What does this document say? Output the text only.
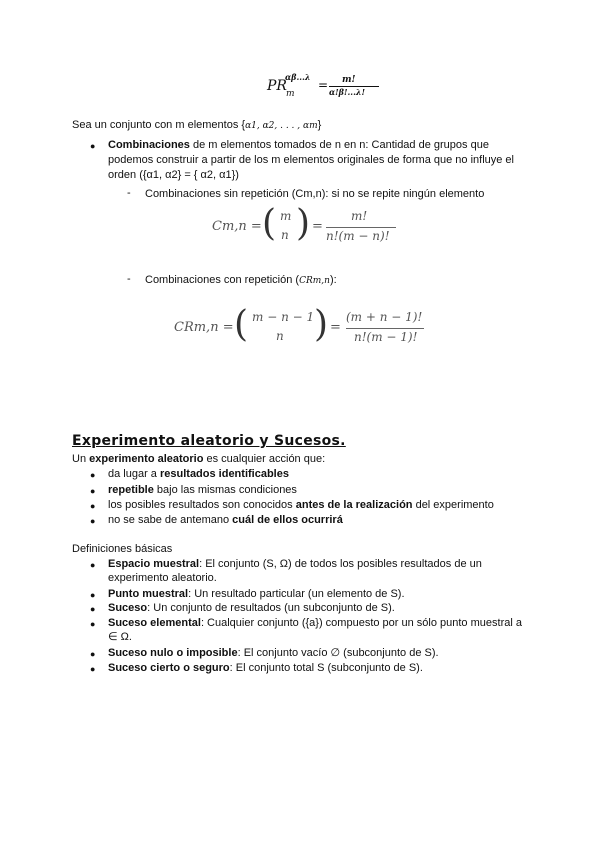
PR
αβ...λ
m
= m!
α!β!...λ!
Sea un conjunto con m elementos {α1, α2, . . . , αm}
● Combinaciones de m elementos tomados de n en n: Cantidad de grupos que
podemos construir a partir de los m elementos originales de forma que no influye el
orden ({α1, α2} = { α2, α1})
- Combinaciones sin repetición (Cm,n): si no se repite ningún elemento
Cm,n = ( m
n ) =
m!
n!(m − n)!
- Combinaciones con repetición (CRm,n):
CRm,n = ( m − n − 1
n ) =
(m + n − 1)!
n!(m − 1)!
Experimento aleatorio y Sucesos.
Un experimento aleatorio es cualquier acción que:
● da lugar a resultados identificables
● repetible bajo las mismas condiciones
● los posibles resultados son conocidos antes de la realización del experimento
● no se sabe de antemano cuál de ellos ocurrirá
Definiciones básicas
● Espacio muestral: El conjunto (S, Ω) de todos los posibles resultados de un
experimento aleatorio.
● Punto muestral: Un resultado particular (un elemento de S).
● Suceso: Un conjunto de resultados (un subconjunto de S).
● Suceso elemental: Cualquier conjunto ({a}) compuesto por un sólo punto muestral a
∈ Ω.
● Suceso nulo o imposible: El conjunto vacío ∅ (subconjunto de S).
● Suceso cierto o seguro: El conjunto total S (subconjunto de S).
